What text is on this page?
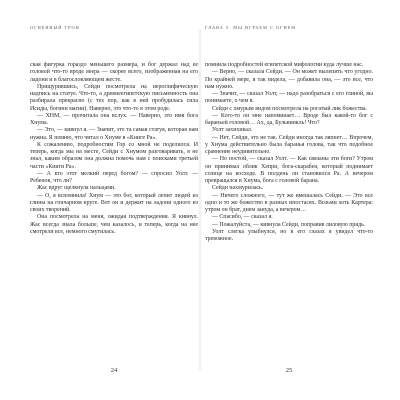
ОГНЕННЫЙ ТРОН

ская фигурка гораздо меньшего размера, и бог держал над ее головой что-то вроде вееpa — скорее всего, изображенная на его ладони и в благословляющем жесте.

Прищурившись, Сейди посмотрела на иероглифическую надпись на статуе. Что-то, а древнеегипетскую письменность она разбирала прекрасно (с тех пор, как в ней пробудилась сила Исиды, богини магии). Наверно, это что-то в этом роде.

— ХНМ, — прочитала она вслух. — Наверно, это имя бога Хнума.

— Это, — кивнул я. — Значит, это та самая статуя, которая нам нужна. Я помню, что читал о Хнуме в «Книге Ра».

К сожалению, подробностям Гор со мной не поделился. И теперь, когда мы на месте, Сейди с Хнумом разговаривать, я не знал, каким образом она должна помочь нам с поисками третьей части «Книги Ра».

— А кто этот мелкий перед богом? — спросил Уолт. — Ребенок, что ли?

Жас вдруг щелкнула пальцами.

— О, я вспомнила! Хнум — это бог, который лепит людей из глины на гончарном круге. Вот он и держит на ладони одного из своих творений.

Она посмотрела на меня, ожидая подтверждения. Я кивнул. Жас всегда знала больше, чем казалось, и теперь, когда на нее смотрели все, немного смутилась.

24
ГЛАВА 5. МЫ ИГРАЕМ С ОГНЕМ

помнила подробностей египетской мифологии куда лучше нас.

— Верно, — сказала Сейди. — Он может вылепить что угодно. По крайней мере, я так видела, — добавила она, — это все, что нам нужно.

— Значит, — сказал Уолт, — надо разобраться с его глиной, вы понимаете, о чем я.

Сейди с хмурым видом посмотрела на рогатый лик божества.

— Кого-то он мне напоминает… Вроде был какой-то бог с бараньей головой… Ах, да, Бульвинкль! Что?

Уолт захихикал.

— Нет, Сейди, это не так. Сейди иногда так ляпнет… Впрочем, у Хнума действительно была баранья голова, так что подобное сравнение неудивительно.

— Но постой, — сказал Уолт. — Как связаны эти боги? Утром он принимал облик Хепри, бога-скарабея, который поднимает солнце на восходе. В полдень он становился Ра. А вечером превращался в Хнума, бога с головой барана.

Сейди нахмурилась.

— Ничего сложного, — тут же вмешалась Сейди. — Это все одно и то же божество в разных ипостасях. Возьми хоть Картера: утром он брат, днем зануда, а вечером…

— Спасибо, — сказал я.

— Пожалуйста, — кивнула Сейди, поправив лиловую прядь.

Уолт слегка улыбнулся, но в его глазах я увидел что-то тревожное.

25
